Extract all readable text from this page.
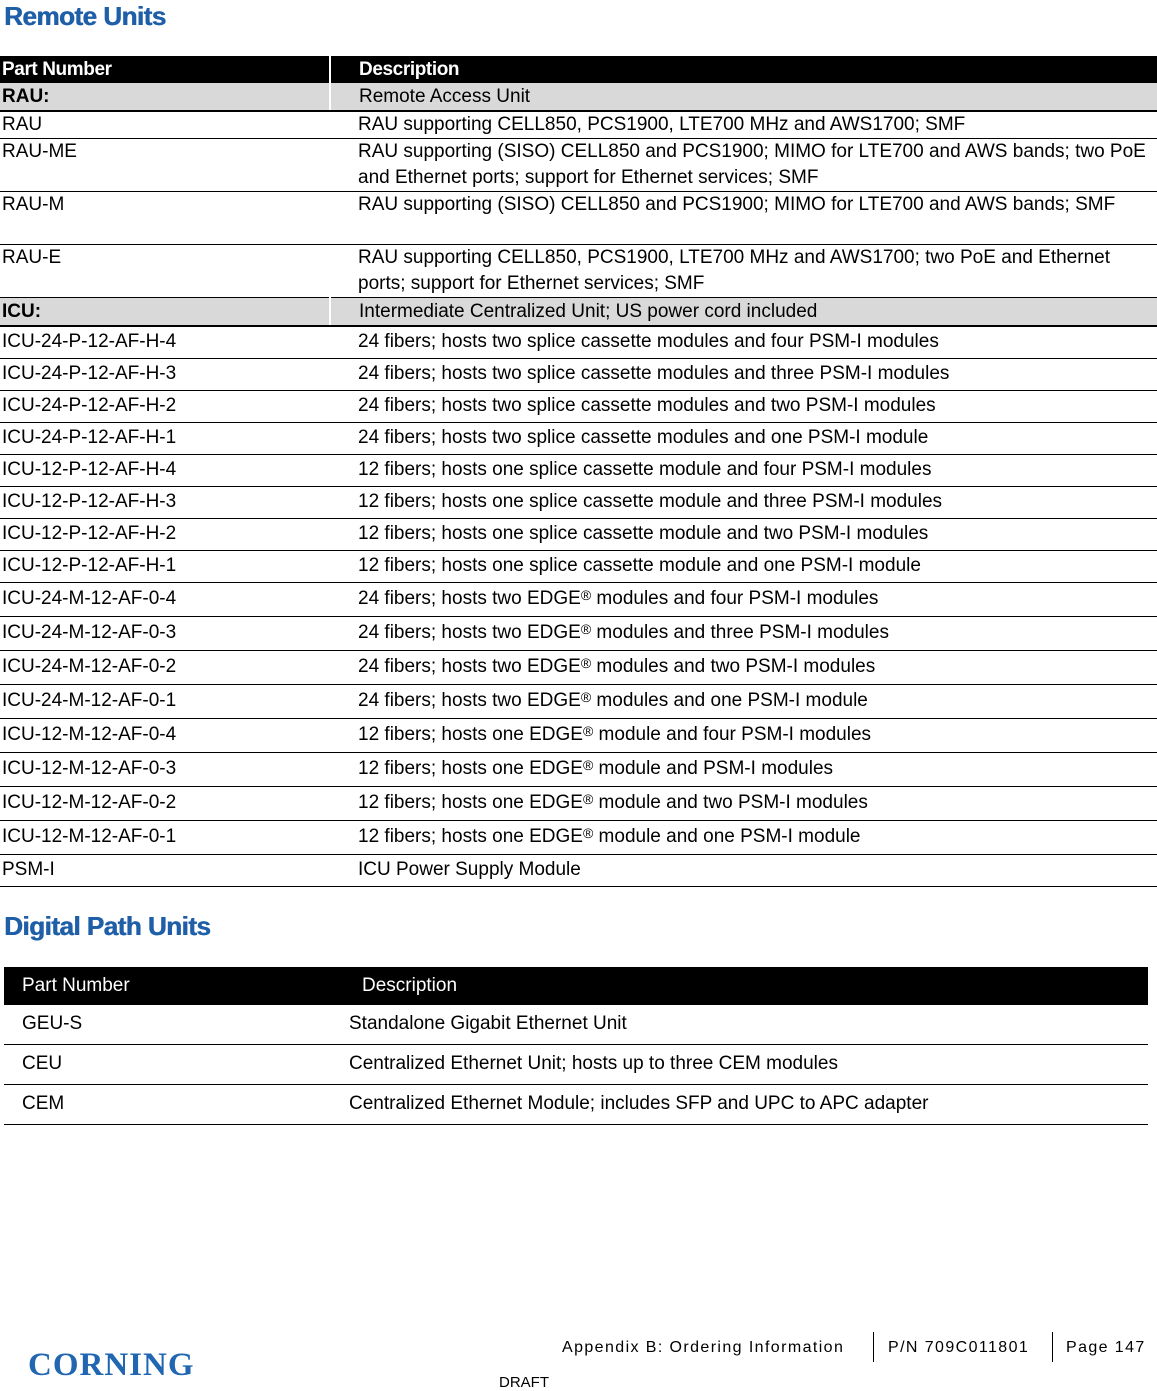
Remote Units
Part Number	Description
RAU:	Remote Access Unit
RAU	RAU supporting CELL850, PCS1900, LTE700 MHz and AWS1700; SMF
RAU-ME	RAU supporting (SISO) CELL850 and PCS1900; MIMO for LTE700 and AWS bands; two PoE and Ethernet ports; support for Ethernet services; SMF
RAU-M	RAU supporting (SISO) CELL850 and PCS1900; MIMO for LTE700 and AWS bands; SMF
RAU-E	RAU supporting CELL850, PCS1900, LTE700 MHz and AWS1700; two PoE and Ethernet ports; support for Ethernet services; SMF
ICU:	Intermediate Centralized Unit; US power cord included
ICU-24-P-12-AF-H-4	24 fibers; hosts two splice cassette modules and four PSM-I modules
ICU-24-P-12-AF-H-3	24 fibers; hosts two splice cassette modules and three PSM-I modules
ICU-24-P-12-AF-H-2	24 fibers; hosts two splice cassette modules and two PSM-I modules
ICU-24-P-12-AF-H-1	24 fibers; hosts two splice cassette modules and one PSM-I module
ICU-12-P-12-AF-H-4	12 fibers; hosts one splice cassette module and four PSM-I modules
ICU-12-P-12-AF-H-3	12 fibers; hosts one splice cassette module and three PSM-I modules
ICU-12-P-12-AF-H-2	12 fibers; hosts one splice cassette module and two PSM-I modules
ICU-12-P-12-AF-H-1	12 fibers; hosts one splice cassette module and one PSM-I module
ICU-24-M-12-AF-0-4	24 fibers; hosts two EDGE® modules and four PSM-I modules
ICU-24-M-12-AF-0-3	24 fibers; hosts two EDGE® modules and three PSM-I modules
ICU-24-M-12-AF-0-2	24 fibers; hosts two EDGE® modules and two PSM-I modules
ICU-24-M-12-AF-0-1	24 fibers; hosts two EDGE® modules and one PSM-I module
ICU-12-M-12-AF-0-4	12 fibers; hosts one EDGE® module and four PSM-I modules
ICU-12-M-12-AF-0-3	12 fibers; hosts one EDGE® module and PSM-I modules
ICU-12-M-12-AF-0-2	12 fibers; hosts one EDGE® module and two PSM-I modules
ICU-12-M-12-AF-0-1	12 fibers; hosts one EDGE® module and one PSM-I module
PSM-I	ICU Power Supply Module
Digital Path Units
Part Number	Description
GEU-S	Standalone Gigabit Ethernet Unit
CEU	Centralized Ethernet Unit; hosts up to three CEM modules
CEM	Centralized Ethernet Module; includes SFP and UPC to APC adapter
CORNING	Appendix B: Ordering Information	P/N 709C011801 Page 147
DRAFT
